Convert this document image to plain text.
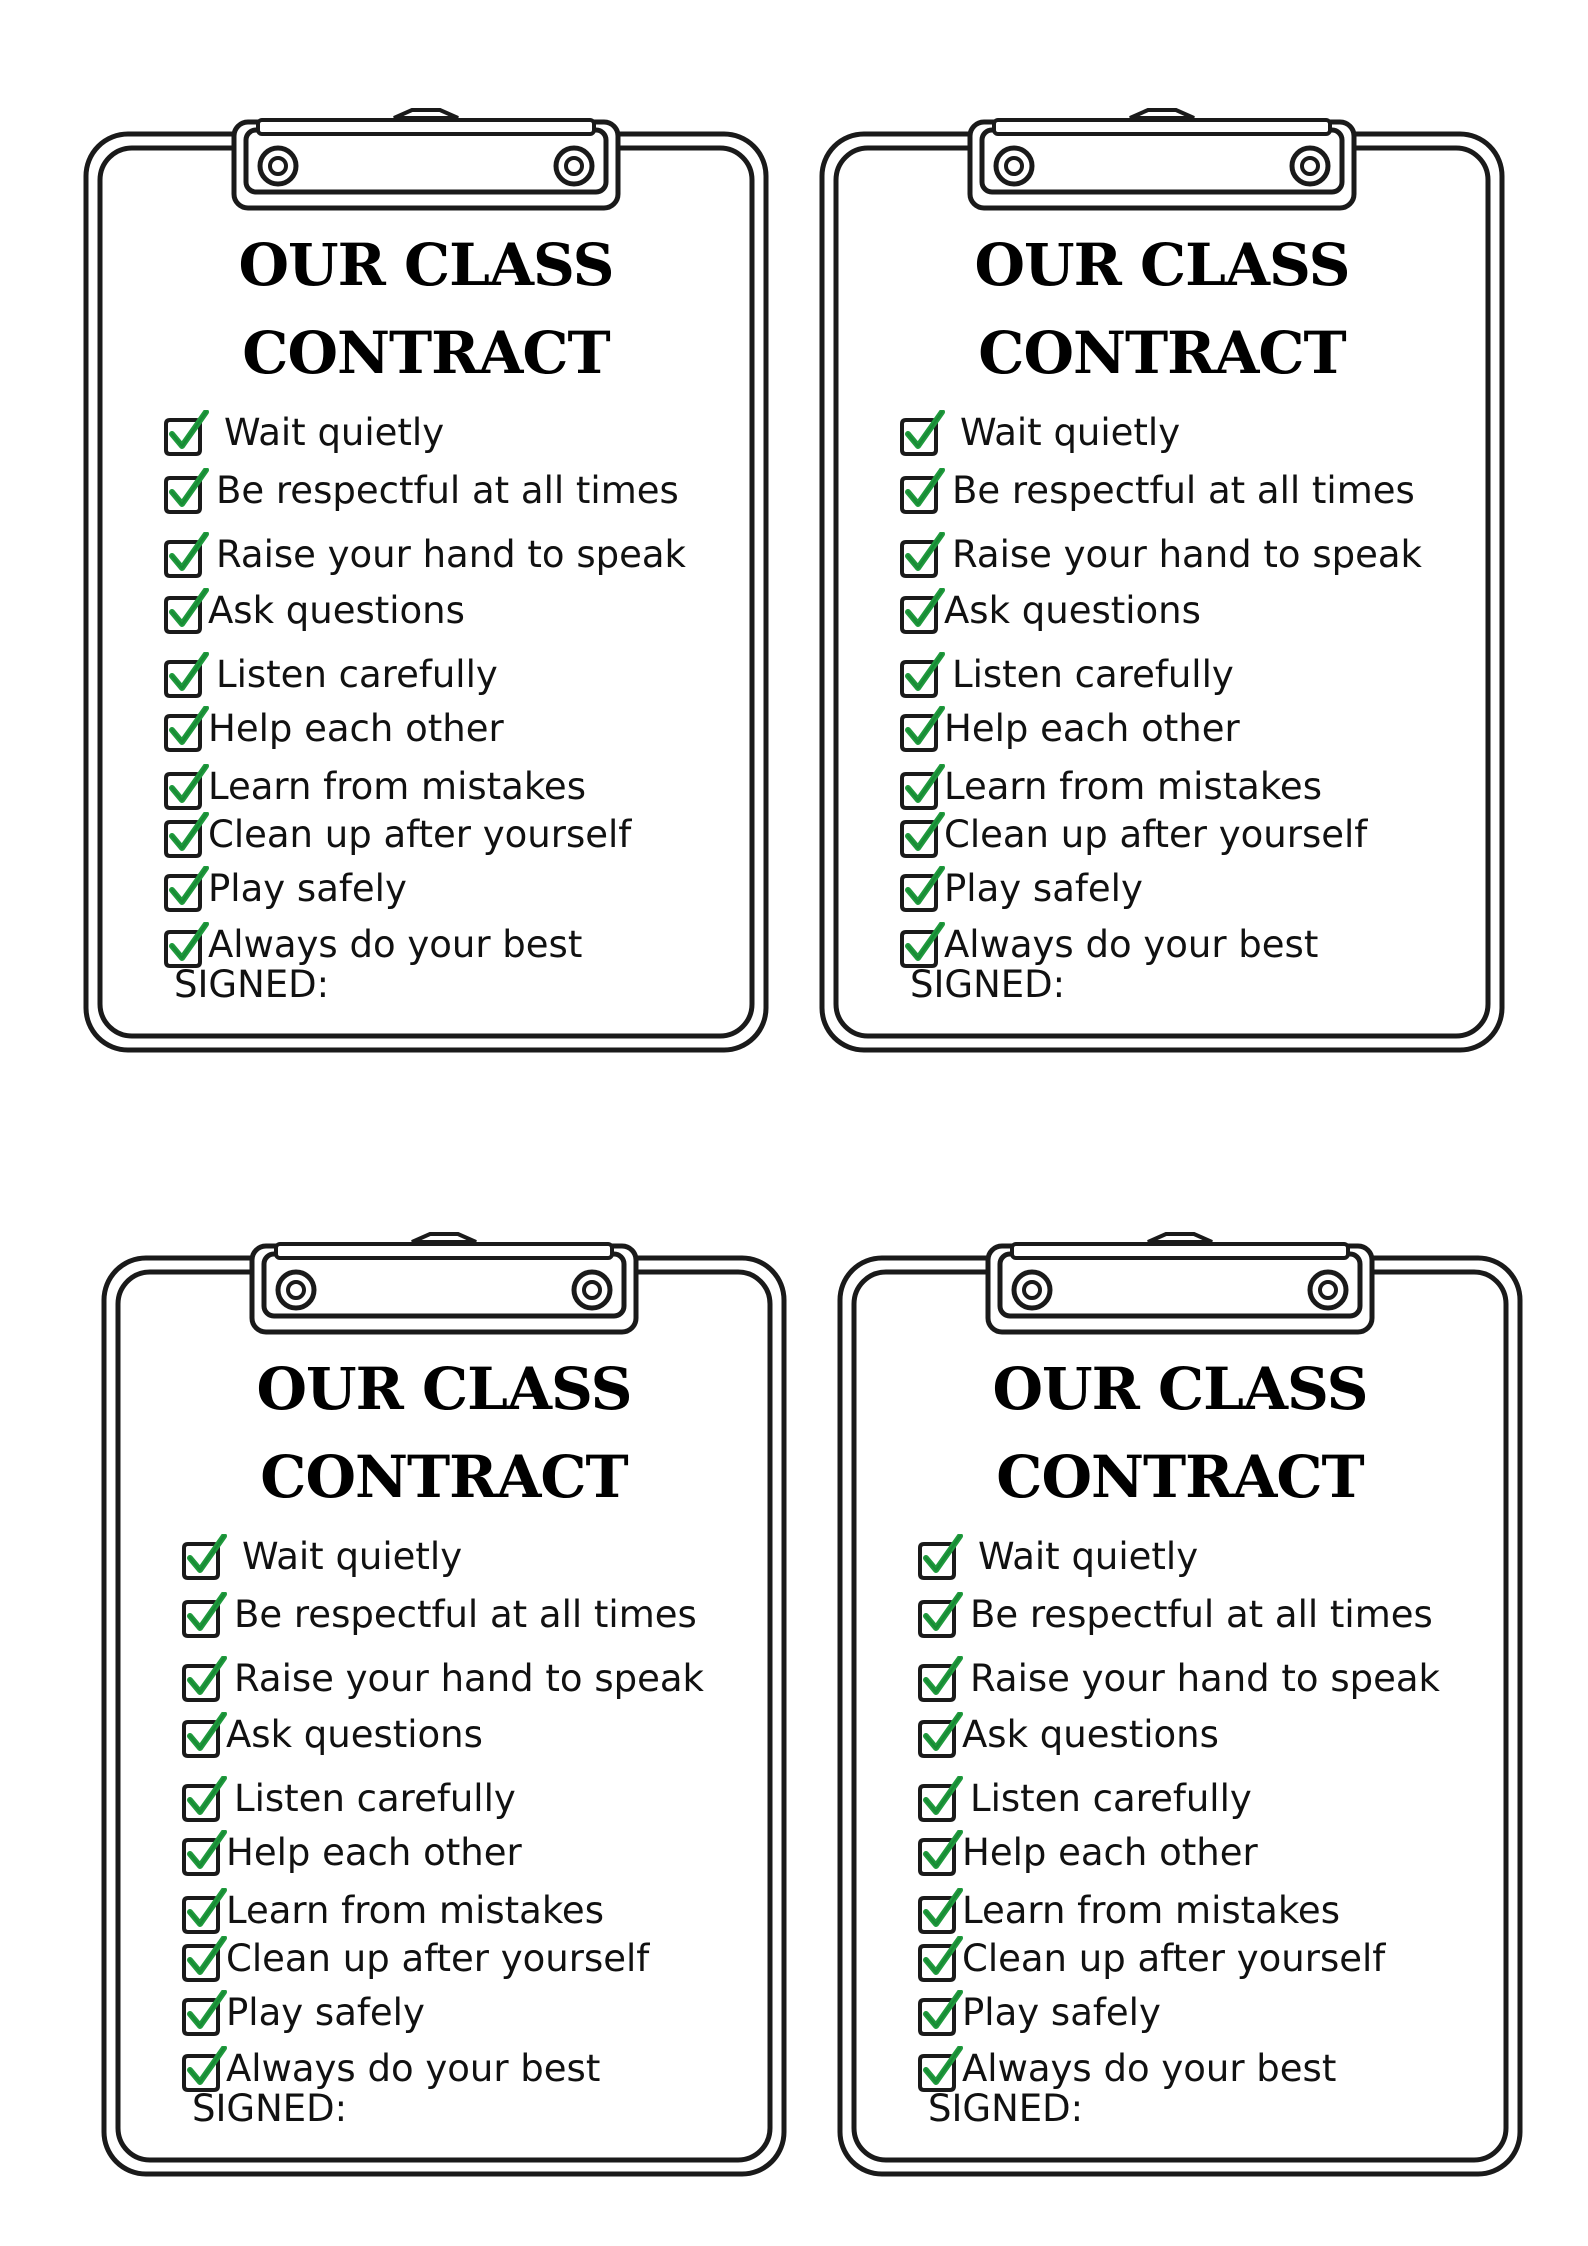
OUR CLASS
CONTRACT
Wait quietly
Be respectful at all times
Raise your hand to speak
Ask questions
Listen carefully
Help each other
Learn from mistakes
Clean up after yourself
Play safely
Always do your best
SIGNED:
OUR CLASS
CONTRACT
Wait quietly
Be respectful at all times
Raise your hand to speak
Ask questions
Listen carefully
Help each other
Learn from mistakes
Clean up after yourself
Play safely
Always do your best
SIGNED:
OUR CLASS
CONTRACT
Wait quietly
Be respectful at all times
Raise your hand to speak
Ask questions
Listen carefully
Help each other
Learn from mistakes
Clean up after yourself
Play safely
Always do your best
SIGNED:
OUR CLASS
CONTRACT
Wait quietly
Be respectful at all times
Raise your hand to speak
Ask questions
Listen carefully
Help each other
Learn from mistakes
Clean up after yourself
Play safely
Always do your best
SIGNED:
